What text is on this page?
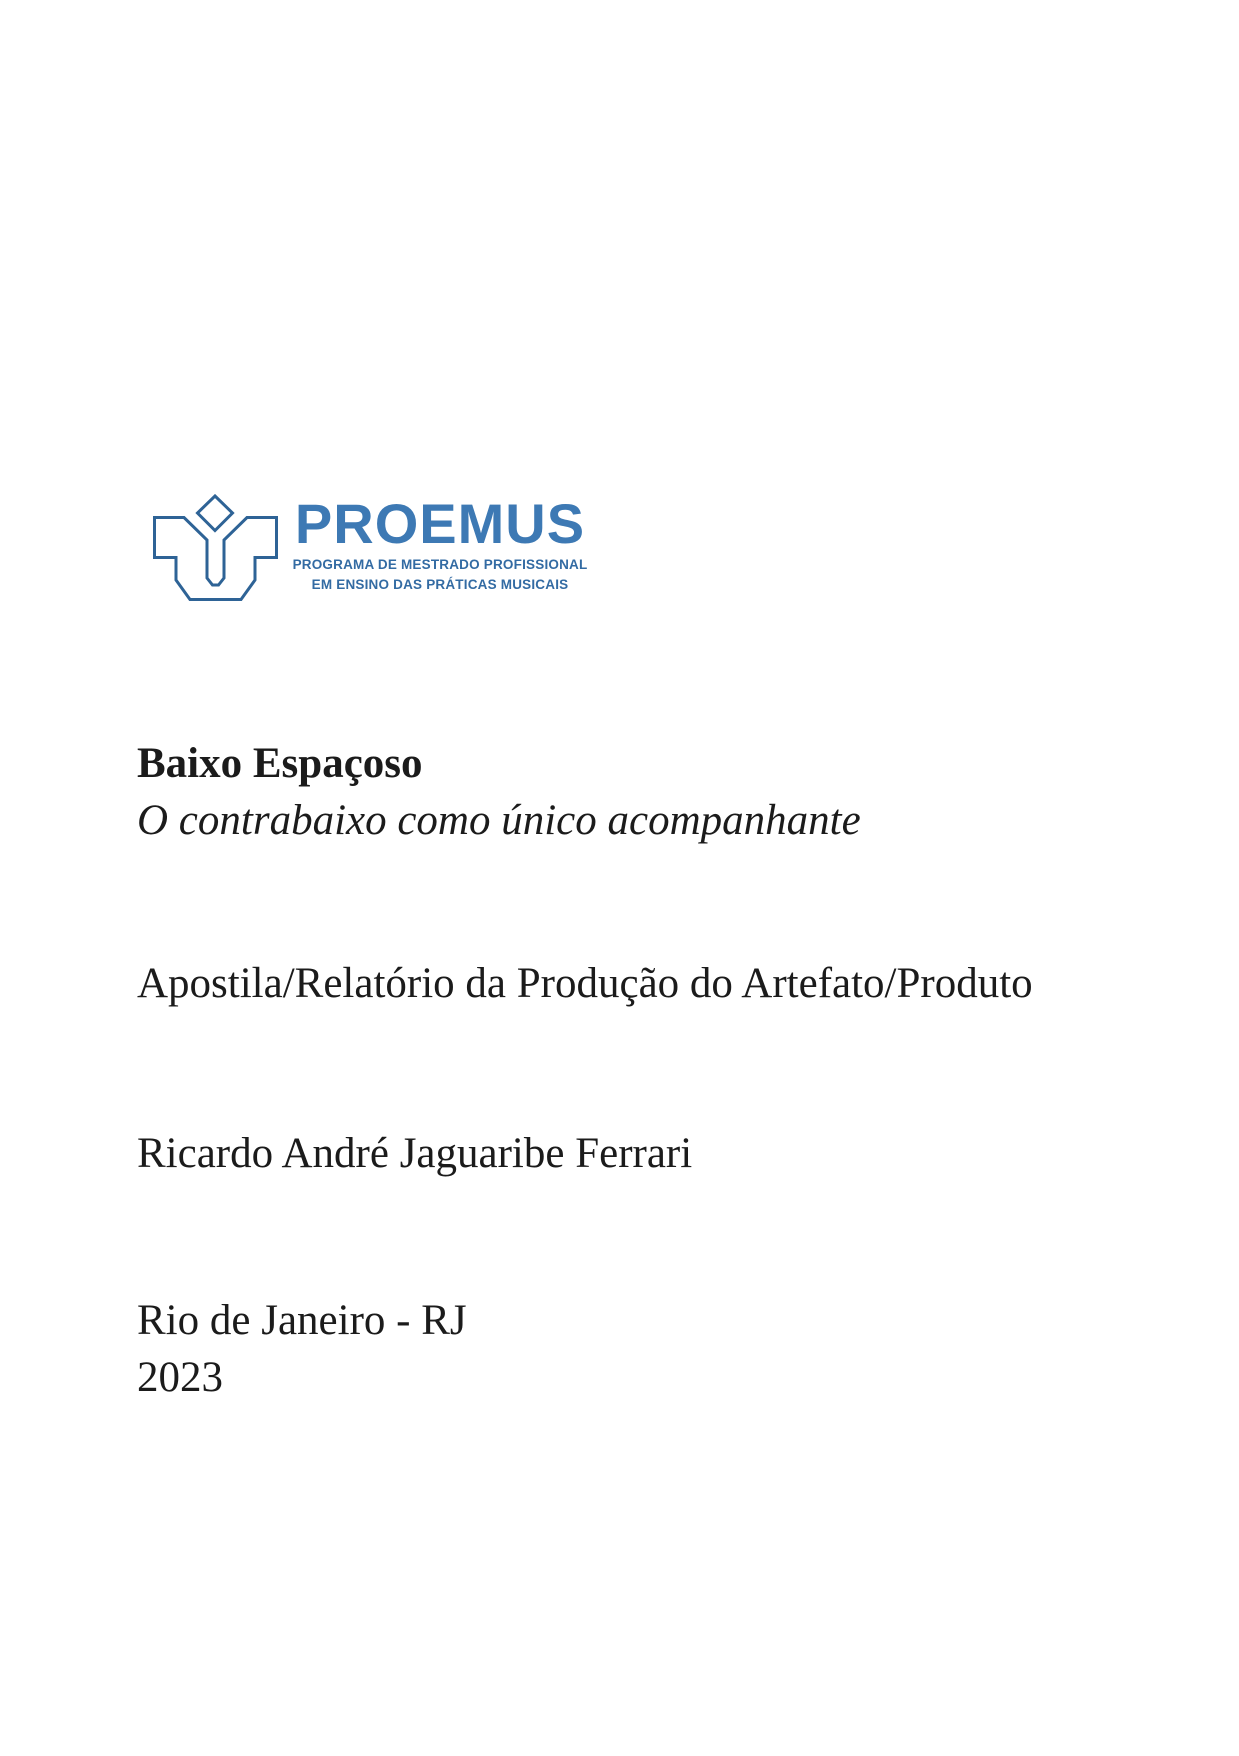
PROEMUS
PROGRAMA DE MESTRADO PROFISSIONAL
EM ENSINO DAS PRÁTICAS MUSICAIS
Baixo Espaçoso
O contrabaixo como único acompanhante
Apostila/Relatório da Produção do Artefato/Produto
Ricardo André Jaguaribe Ferrari
Rio de Janeiro - RJ
2023
